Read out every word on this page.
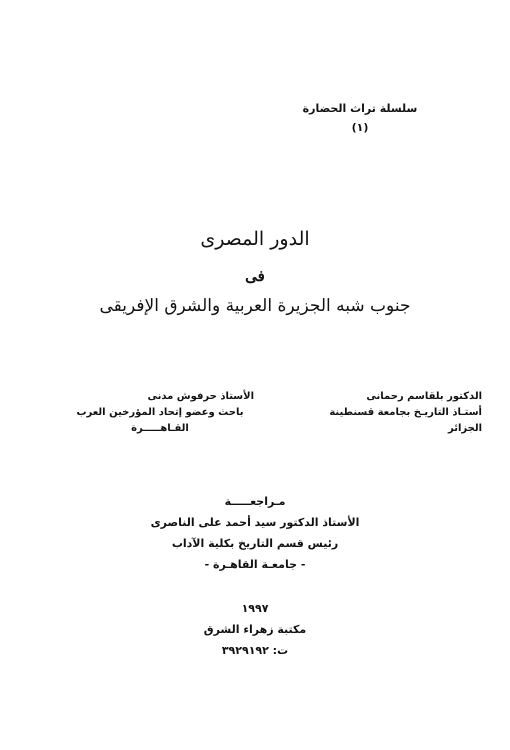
سلسلة تراث الحضارة
(١)
الدور المصرى
فى
جنوب شبه الجزيرة العربية والشرق الإفريقى
الدكتور بلقاسم رحمانى
أستـاذ التاريـخ بجامعة قسنطينة
الجزائر
الأستاذ حرفوش مدنى
باحث وعضو إتحاد المؤرخين العرب
القـاهـــــرة
مـراجعـــــة
الأستاذ الدكتور سيد أحمد على الناصرى
رئيس قسم التاريخ بكلية الآداب
- جامعـة القاهـرة -
١٩٩٧
مكتبة زهراء الشرق
ت: ٣٩٢٩١٩٢
